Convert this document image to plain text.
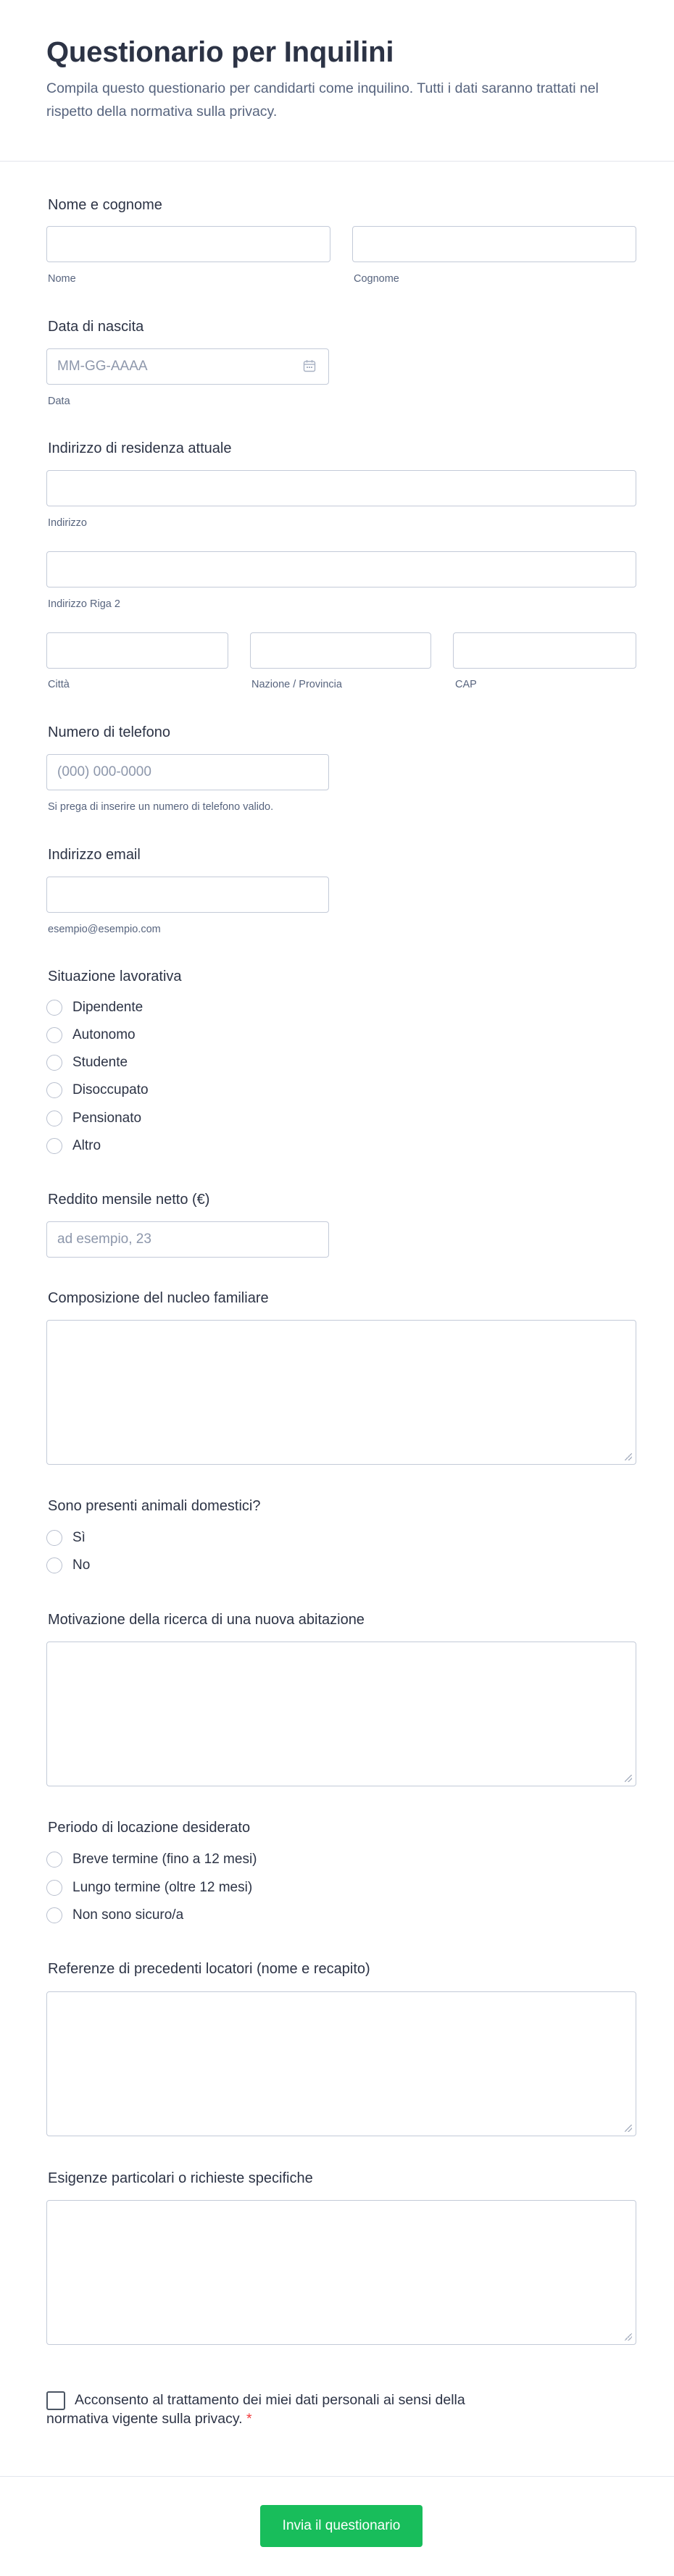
Questionario per Inquilini

Compila questo questionario per candidarti come inquilino. Tutti i dati saranno trattati nel rispetto della normativa sulla privacy.

Nome e cognome

Nome	Cognome

Data di nascita

MM-GG-AAAA

Data

Indirizzo di residenza attuale

Indirizzo

Indirizzo Riga 2

Città	Nazione / Provincia	CAP

Numero di telefono

(000) 000-0000

Si prega di inserire un numero di telefono valido.

Indirizzo email

esempio@esempio.com

Situazione lavorativa

Dipendente
Autonomo
Studente
Disoccupato
Pensionato
Altro

Reddito mensile netto (€)

ad esempio, 23

Composizione del nucleo familiare

Sono presenti animali domestici?

Sì
No

Motivazione della ricerca di una nuova abitazione

Periodo di locazione desiderato

Breve termine (fino a 12 mesi)
Lungo termine (oltre 12 mesi)
Non sono sicuro/a

Referenze di precedenti locatori (nome e recapito)

Esigenze particolari o richieste specifiche

Acconsento al trattamento dei miei dati personali ai sensi della

normativa vigente sulla privacy. *

Invia il questionario
